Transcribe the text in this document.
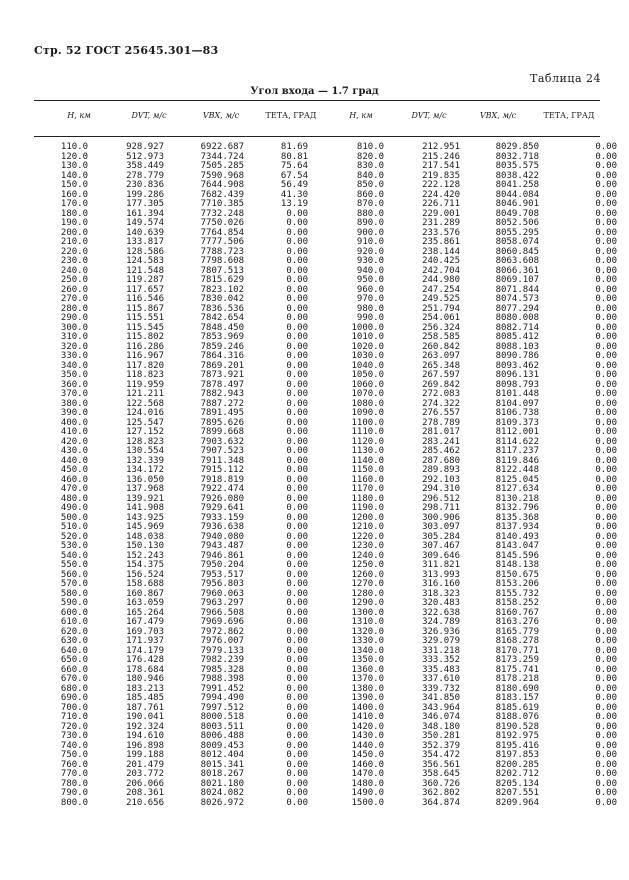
Стр. 52 ГОСТ 25645.301—83
Таблица 24
Угол входа — 1.7 град
H, км	DVT, м/с	VBX, м/с	ТЕТА, ГРАД	H, км	DVT, м/с	VBX, м/с	ТЕТА, ГРАД
110.0	928.927	6922.687	81.69	810.0	212.951	8029.850	0.00
120.0	512.973	7344.724	80.81	820.0	215.246	8032.718	0.00
130.0	358.449	7505.285	75.64	830.0	217.541	8035.575	0.00
140.0	278.779	7590.968	67.54	840.0	219.835	8038.422	0.00
150.0	230.836	7644.908	56.49	850.0	222.128	8041.258	0.00
160.0	199.286	7682.439	41.30	860.0	224.420	8044.084	0.00
170.0	177.305	7710.385	13.19	870.0	226.711	8046.901	0.00
180.0	161.394	7732.248	0.00	880.0	229.001	8049.708	0.00
190.0	149.574	7750.026	0.00	890.0	231.289	8052.506	0.00
200.0	140.639	7764.854	0.00	900.0	233.576	8055.295	0.00
210.0	133.817	7777.506	0.00	910.0	235.861	8058.074	0.00
220.0	128.586	7788.723	0.00	920.0	238.144	8060.845	0.00
230.0	124.583	7798.608	0.00	930.0	240.425	8063.608	0.00
240.0	121.548	7807.513	0.00	940.0	242.704	8066.361	0.00
250.0	119.287	7815.629	0.00	950.0	244.980	8069.107	0.00
260.0	117.657	7823.102	0.00	960.0	247.254	8071.844	0.00
270.0	116.546	7830.042	0.00	970.0	249.525	8074.573	0.00
280.0	115.867	7836.536	0.00	980.0	251.794	8077.294	0.00
290.0	115.551	7842.654	0.00	990.0	254.061	8080.008	0.00
300.0	115.545	7848.450	0.00	1000.0	256.324	8082.714	0.00
310.0	115.802	7853.969	0.00	1010.0	258.585	8085.412	0.00
320.0	116.286	7859.246	0.00	1020.0	260.842	8088.103	0.00
330.0	116.967	7864.316	0.00	1030.0	263.097	8090.786	0.00
340.0	117.820	7869.201	0.00	1040.0	265.348	8093.462	0.00
350.0	118.823	7873.921	0.00	1050.0	267.597	8096.131	0.00
360.0	119.959	7878.497	0.00	1060.0	269.842	8098.793	0.00
370.0	121.211	7882.943	0.00	1070.0	272.083	8101.448	0.00
380.0	122.568	7887.272	0.00	1080.0	274.322	8104.097	0.00
390.0	124.016	7891.495	0.00	1090.0	276.557	8106.738	0.00
400.0	125.547	7895.626	0.00	1100.0	278.789	8109.373	0.00
410.0	127.152	7899.668	0.00	1110.0	281.017	8112.001	0.00
420.0	128.823	7903.632	0.00	1120.0	283.241	8114.622	0.00
430.0	130.554	7907.523	0.00	1130.0	285.462	8117.237	0.00
440.0	132.339	7911.348	0.00	1140.0	287.680	8119.846	0.00
450.0	134.172	7915.112	0.00	1150.0	289.893	8122.448	0.00
460.0	136.050	7918.819	0.00	1160.0	292.103	8125.045	0.00
470.0	137.968	7922.474	0.00	1170.0	294.310	8127.634	0.00
480.0	139.921	7926.080	0.00	1180.0	296.512	8130.218	0.00
490.0	141.908	7929.641	0.00	1190.0	298.711	8132.796	0.00
500.0	143.925	7933.159	0.00	1200.0	300.906	8135.368	0.00
510.0	145.969	7936.638	0.00	1210.0	303.097	8137.934	0.00
520.0	148.038	7940.080	0.00	1220.0	305.284	8140.493	0.00
530.0	150.130	7943.487	0.00	1230.0	307.467	8143.047	0.00
540.0	152.243	7946.861	0.00	1240.0	309.646	8145.596	0.00
550.0	154.375	7950.204	0.00	1250.0	311.821	8148.138	0.00
560.0	156.524	7953.517	0.00	1260.0	313.993	8150.675	0.00
570.0	158.688	7956.803	0.00	1270.0	316.160	8153.206	0.00
580.0	160.867	7960.063	0.00	1280.0	318.323	8155.732	0.00
590.0	163.059	7963.297	0.00	1290.0	320.483	8158.252	0.00
600.0	165.264	7966.508	0.00	1300.0	322.638	8160.767	0.00
610.0	167.479	7969.696	0.00	1310.0	324.789	8163.276	0.00
620.0	169.703	7972.862	0.00	1320.0	326.936	8165.779	0.00
630.0	171.937	7976.007	0.00	1330.0	329.079	8168.278	0.00
640.0	174.179	7979.133	0.00	1340.0	331.218	8170.771	0.00
650.0	176.428	7982.239	0.00	1350.0	333.352	8173.259	0.00
660.0	178.684	7985.328	0.00	1360.0	335.483	8175.741	0.00
670.0	180.946	7988.398	0.00	1370.0	337.610	8178.218	0.00
680.0	183.213	7991.452	0.00	1380.0	339.732	8180.690	0.00
690.0	185.485	7994.490	0.00	1390.0	341.850	8183.157	0.00
700.0	187.761	7997.512	0.00	1400.0	343.964	8185.619	0.00
710.0	190.041	8000.518	0.00	1410.0	346.074	8188.076	0.00
720.0	192.324	8003.511	0.00	1420.0	348.180	8190.528	0.00
730.0	194.610	8006.488	0.00	1430.0	350.281	8192.975	0.00
740.0	196.898	8009.453	0.00	1440.0	352.379	8195.416	0.00
750.0	199.188	8012.404	0.00	1450.0	354.472	8197.853	0.00
760.0	201.479	8015.341	0.00	1460.0	356.561	8200.285	0.00
770.0	203.772	8018.267	0.00	1470.0	358.645	8202.712	0.00
780.0	206.066	8021.180	0.00	1480.0	360.726	8205.134	0.00
790.0	208.361	8024.082	0.00	1490.0	362.802	8207.551	0.00
800.0	210.656	8026.972	0.00	1500.0	364.874	8209.964	0.00
